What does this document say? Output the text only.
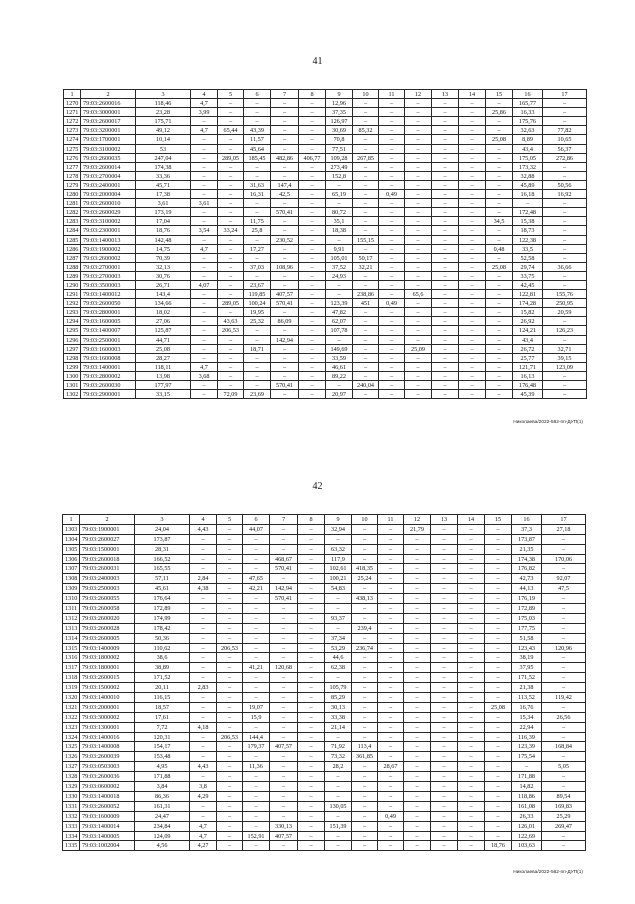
41
1	2	3	4	5	6	7	8	9	10	11	12	13	14	15	16	17
1270 79:03:2600016	118,46	4,7	–	–	–	–	12,96	–	–	–	–	–	–	165,77	–
1271 79:03:3000001	23,28	3,99	–	–	–	–	37,35	–	–	–	–	–	25,86	16,33	–
1272 79:03:2600017	175,71	–	–	–	–	–	126,97	–	–	–	–	–	–	175,76	–
1273 79:03:3200001	49,12	4,7	65,44	43,39	–	–	30,69	85,32	–	–	–	–	–	32,63	77,82
1274 79:03:1700001	10,14	–	–	11,57	–	–	70,8	–	–	–	–	–	25,08	8,89	10,65
1275 79:03:3100002	53	–	–	45,64	–	–	77,51	–	–	–	–	–	–	43,4	56,37
1276 79:03:2600035	247,04	–	289,05	185,45	482,86	406,77	109,28	267,85	–	–	–	–	–	175,05	272,86
1277 79:03:2600014	174,38	–	–	–	–	–	273,49	–	–	–	–	–	–	173,32	–
1278 79:03:2700004	33,36	–	–	–	–	–	152,8	–	–	–	–	–	–	32,88	–
1279 79:03:2400001	45,71	–	–	31,63	147,4	–	–	–	–	–	–	–	–	45,89	50,56
1280 79:03:2000004	17,38	–	–	16,31	42,5	–	65,19	–	0,49	–	–	–	–	16,18	16,92
1281 79:03:2600010	3,61	3,61	–	–	–	–	–	–	–	–	–	–	–	–	–
1282 79:03:2600029	173,19	–	–	–	570,41	–	80,72	–	–	–	–	–	–	172,48	–
1283 79:03:3100002	17,04	–	–	11,75	–	–	35,1	–	–	–	–	–	34,5	15,38	–
1284 79:03:2300001	18,76	3,54	33,24	25,8	–	–	18,38	–	–	–	–	–	–	18,73	–
1285 79:03:1400013	142,48	–	–	–	230,52	–	–	155,15	–	–	–	–	–	122,38	–
1286 79:03:1900002	14,75	4,7	–	17,27	–	–	9,91	–	–	–	–	–	0,48	33,5	–
1287 79:03:2600002	70,39	–	–	–	–	–	105,01	50,17	–	–	–	–	–	52,58	–
1288 79:03:2700001	32,13	–	–	37,03	108,96	–	37,52	32,21	–	–	–	–	25,08	29,74	36,66
1289 79:03:2700003	30,76	–	–	–	–	–	24,93	–	–	–	–	–	–	33,75	–
1290 79:03:3500003	26,71	4,07	–	23,67	–	–	–	–	–	–	–	–	–	42,45	–
1291 79:03:1400012	143,4	–	–	119,85	407,57	–	–	238,86	–	65,6	–	–	–	122,81	155,76
1292 79:03:2600050	134,66	–	289,05	100,24	570,41	–	123,39	451	0,49	–	–	–	–	174,28	250,95
1293 79:03:2800001	18,02	–	–	19,95	–	–	47,82	–	–	–	–	–	–	15,82	20,59
1294 79:03:1600005	27,06	–	43,63	25,32	86,09	–	62,07	–	–	–	–	–	–	26,92	–
1295 79:03:1400007	125,87	–	206,53	–	–	–	107,78	–	–	–	–	–	–	124,21	126,23
1296 79:03:2500001	44,71	–	–	–	142,94	–	–	–	–	–	–	–	–	43,4	–
1297 79:03:1600003	25,08	–	–	18,71	–	–	149,69	–	–	25,09	–	–	–	26,72	32,71
1298 79:03:1600008	28,27	–	–	–	–	–	33,59	–	–	–	–	–	–	25,77	39,15
1299 79:03:1400001	118,11	4,7	–	–	–	–	46,61	–	–	–	–	–	–	121,71	123,09
1300 79:03:2800002	13,98	3,68	–	–	–	–	89,22	–	–	–	–	–	–	16,13	–
1301 79:03:2600030	177,97	–	–	–	570,41	–	–	240,04	–	–	–	–	–	176,48	–
1302 79:03:2900001	33,15	–	72,09	23,69	–	–	20,97	–	–	–	–	–	–	45,39	–
Николаева/2022-562-пп-ДУП(1)
42
1	2	3	4	5	6	7	8	9	10	11	12	13	14	15	16	17
1303 79:03:1900001	24,04	4,43	–	44,07	–	–	32,94	–	–	21,79	–	–	–	37,3	27,18
1304 79:03:2600027	173,87	–	–	–	–	–	–	–	–	–	–	–	–	173,87	–
1305 79:03:1500001	28,31	–	–	–	–	–	63,32	–	–	–	–	–	–	21,35	–
1306 79:03:2600018	166,52	–	–	–	468,67	–	117,9	–	–	–	–	–	–	174,38	170,06
1307 79:03:2600031	165,55	–	–	–	570,41	–	102,61	418,35	–	–	–	–	–	176,82	–
1308 79:03:2400003	57,11	2,84	–	47,65	–	–	100,21	25,24	–	–	–	–	–	42,73	92,07
1309 79:03:2500003	45,61	4,38	–	42,21	142,94	–	54,83	–	–	–	–	–	–	44,13	47,5
1310 79:03:2600055	176,64	–	–	–	570,41	–	–	438,13	–	–	–	–	–	176,19	–
1311 79:03:2600058	172,89	–	–	–	–	–	–	–	–	–	–	–	–	172,89	–
1312 79:03:2600020	174,99	–	–	–	–	–	93,37	–	–	–	–	–	–	175,03	–
1313 79:03:2600028	178,42	–	–	–	–	–	–	239,4	–	–	–	–	–	177,75	–
1314 79:03:2600005	50,36	–	–	–	–	–	37,34	–	–	–	–	–	–	51,58	–
1315 79:03:1400009	110,62	–	206,53	–	–	–	53,29	236,74	–	–	–	–	–	123,43	120,96
1316 79:03:1800002	38,6	–	–	–	–	–	44,6	–	–	–	–	–	–	38,19	–
1317 79:03:1800001	38,89	–	–	41,21	120,68	–	62,38	–	–	–	–	–	–	37,95	–
1318 79:03:2600015	171,52	–	–	–	–	–	–	–	–	–	–	–	–	171,52	–
1319 79:03:1500002	20,11	2,83	–	–	–	–	105,79	–	–	–	–	–	–	21,38	–
1320 79:03:1400010	116,15	–	–	–	–	–	85,29	–	–	–	–	–	–	113,52	119,42
1321 79:03:2000001	18,57	–	–	19,07	–	–	30,13	–	–	–	–	–	25,08	16,76	–
1322 79:03:3000002	17,61	–	–	15,9	–	–	33,38	–	–	–	–	–	–	15,34	26,56
1323 79:03:1300001	7,72	4,18	–	–	–	–	21,14	–	–	–	–	–	–	22,94	–
1324 79:03:1400016	120,31	–	206,53	144,4	–	–	–	–	–	–	–	–	–	116,39	–
1325 79:03:1400008	154,17	–	–	179,37	407,57	–	71,92	113,4	–	–	–	–	–	123,39	168,84
1326 79:03:2600039	153,48	–	–	–	–	–	73,32	361,85	–	–	–	–	–	175,54	–
1327 79:03:0503003	4,95	4,43	–	11,36	–	–	28,2	–	28,67	–	–	–	–	–	5,05
1328 79:03:2600036	171,88	–	–	–	–	–	–	–	–	–	–	–	–	171,88	–
1329 79:03:0600002	3,84	3,8	–	–	–	–	–	–	–	–	–	–	–	14,82	–
1330 79:03:1400018	86,36	4,29	–	–	–	–	–	–	–	–	–	–	–	118,86	89,54
1331 79:03:2600052	161,31	–	–	–	–	–	130,05	–	–	–	–	–	–	161,08	169,83
1332 79:03:1600009	24,47	–	–	–	–	–	–	–	0,49	–	–	–	–	26,33	25,29
1333 79:03:1400014	234,84	4,7	–	–	330,13	–	151,39	–	–	–	–	–	–	126,01	269,47
1334 79:03:1400005	124,09	4,7	–	152,91	407,57	–	–	–	–	–	–	–	–	122,69	–
1335 79:03:1002004	4,56	4,27	–	–	–	–	–	–	–	–	–	–	18,76	103,63	–
Николаева/2022-562-пп-ДУП(1)
